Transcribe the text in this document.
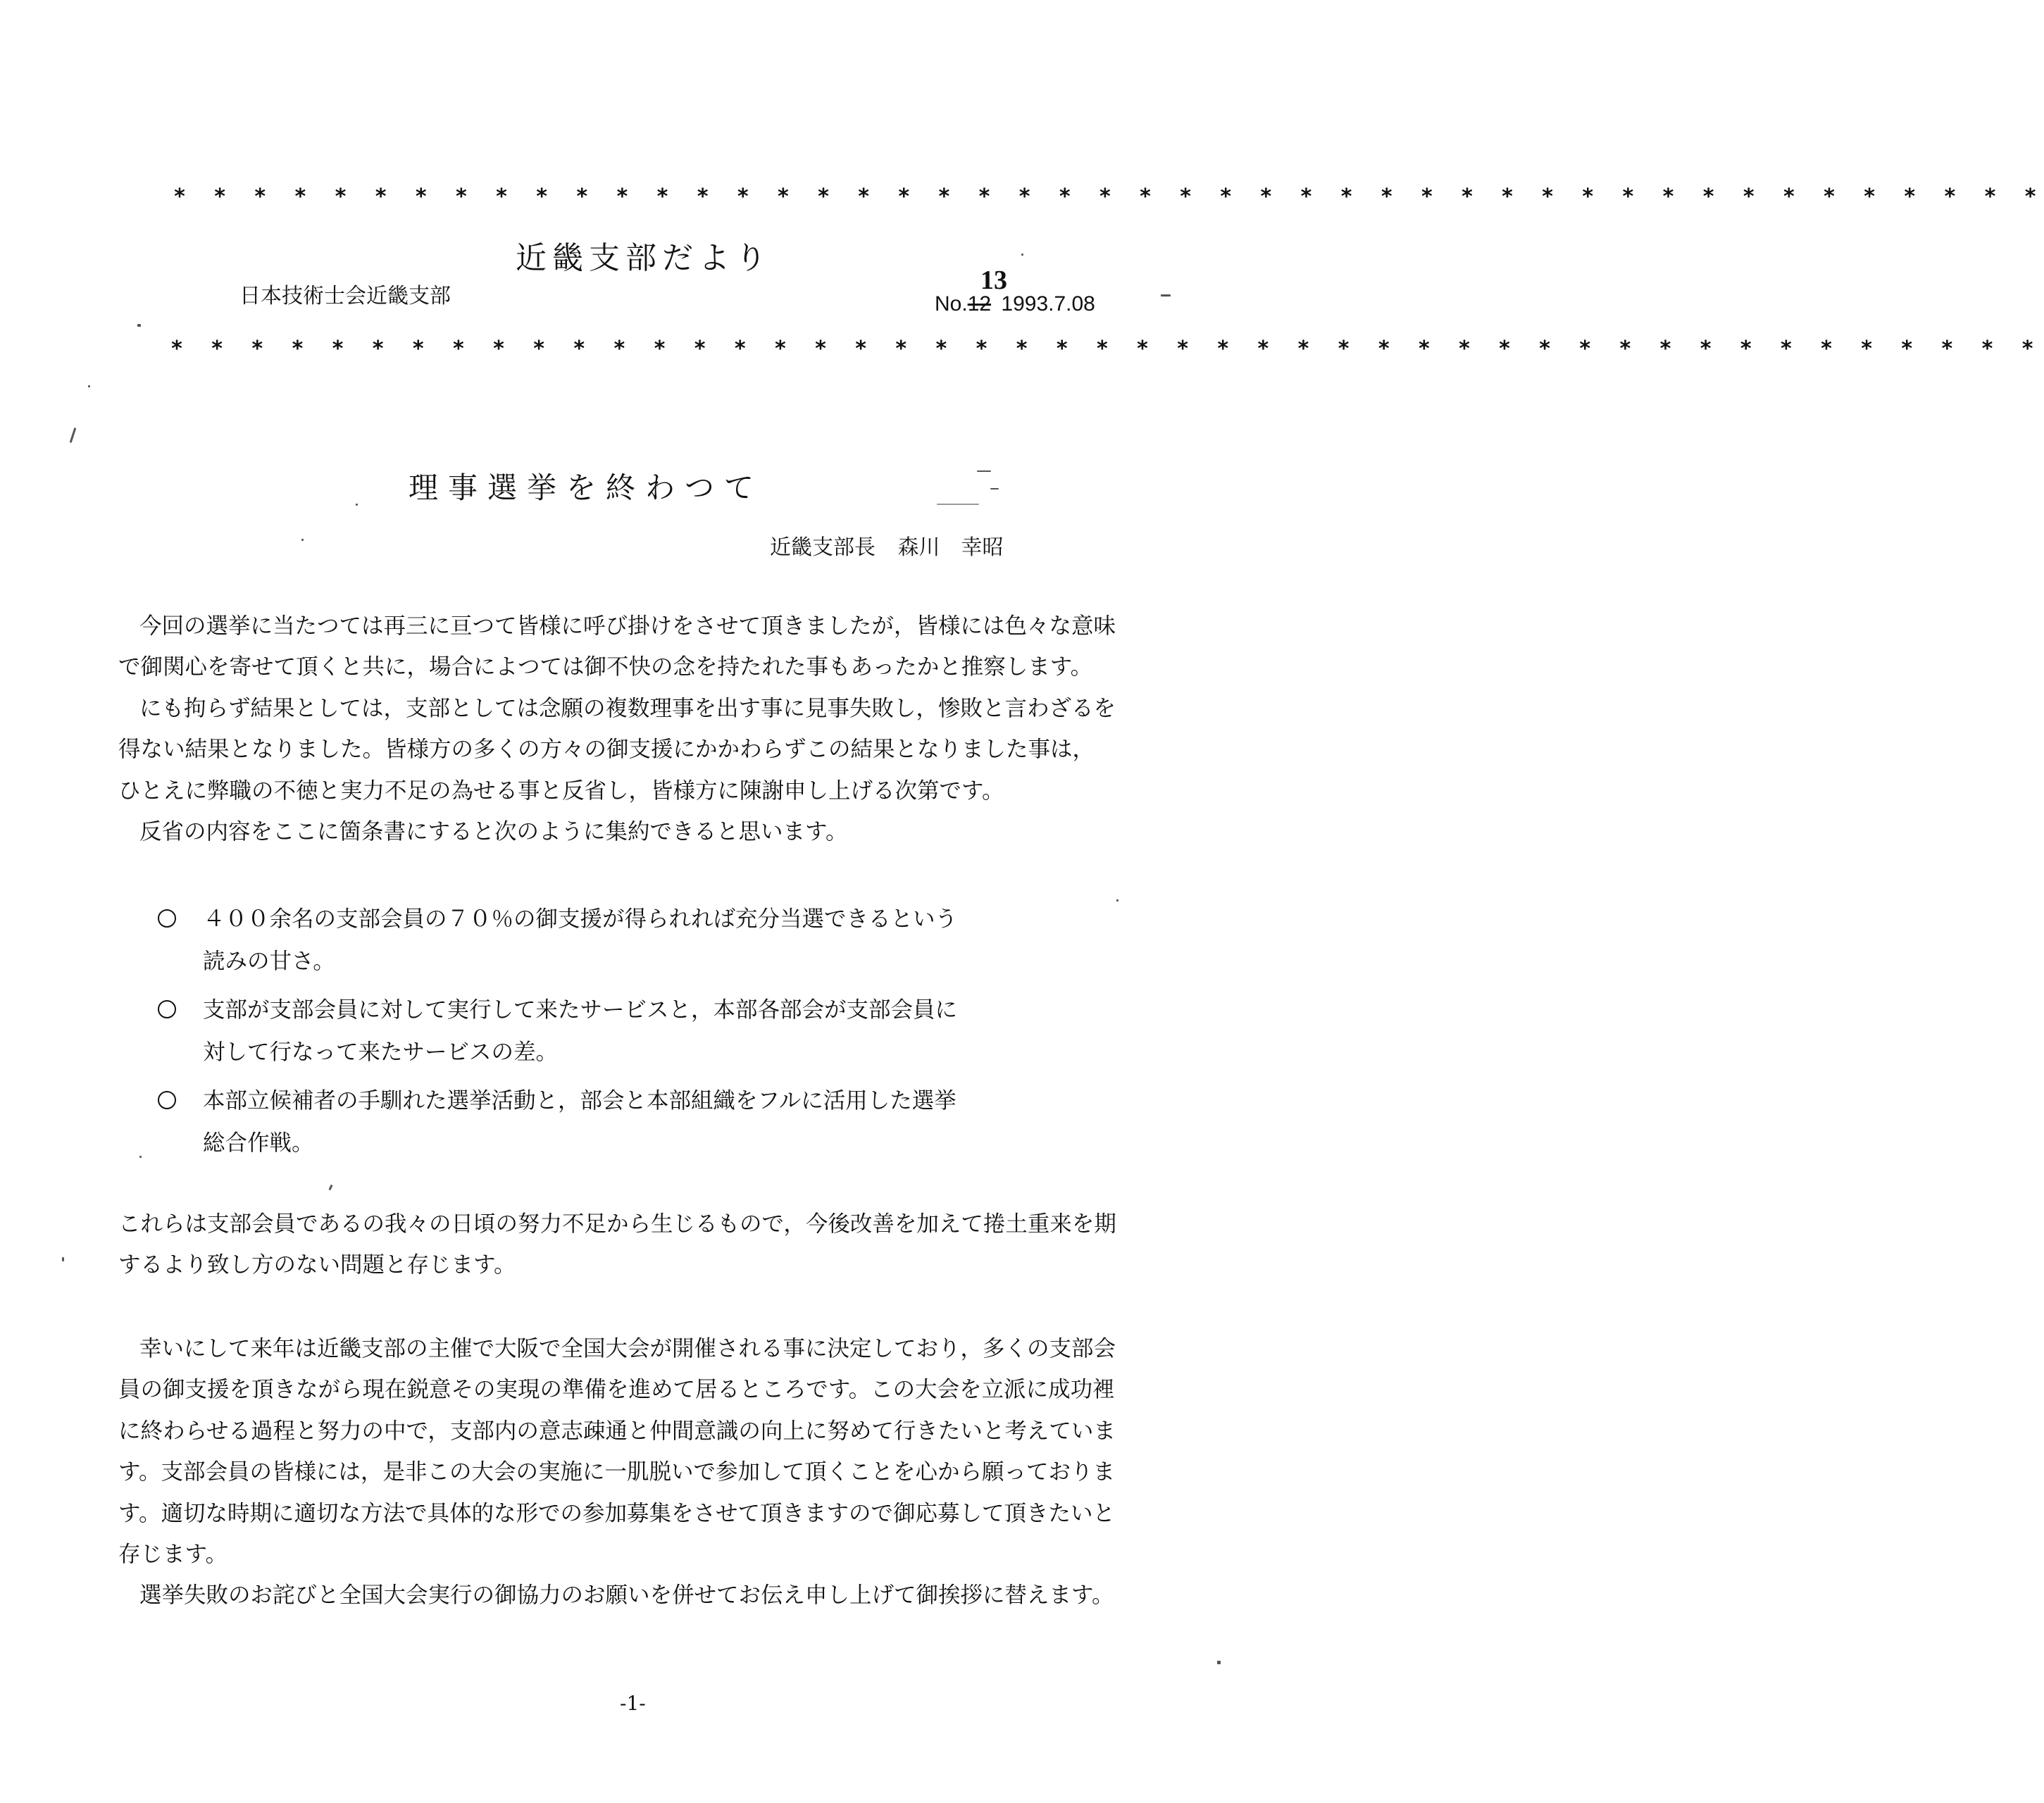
* * * * * * * * * * * * * * * * * * * * * * * * * * * * * * * * * * * * * * * * * * * * * * *
近畿支部だより
日本技術士会近畿支部
13
No.12 1993.7.08
* * * * * * * * * * * * * * * * * * * * * * * * * * * * * * * * * * * * * * * * * * * * * * *
理事選挙を終わつて
近畿支部長 森川　幸昭
今回の選挙に当たつては再三に亘つて皆様に呼び掛けをさせて頂きましたが，皆様には色々な意味
で御関心を寄せて頂くと共に，場合によつては御不快の念を持たれた事もあったかと推察します。
にも拘らず結果としては，支部としては念願の複数理事を出す事に見事失敗し，惨敗と言わざるを
得ない結果となりました。皆様方の多くの方々の御支援にかかわらずこの結果となりました事は，
ひとえに弊職の不徳と実力不足の為せる事と反省し，皆様方に陳謝申し上げる次第です。
反省の内容をここに箇条書にすると次のように集約できると思います。
４００余名の支部会員の７０％の御支援が得られれば充分当選できるという
読みの甘さ。
支部が支部会員に対して実行して来たサービスと，本部各部会が支部会員に
対して行なって来たサービスの差。
本部立候補者の手馴れた選挙活動と，部会と本部組織をフルに活用した選挙
総合作戦。
これらは支部会員であるの我々の日頃の努力不足から生じるもので，今後改善を加えて捲土重来を期
するより致し方のない問題と存じます。
幸いにして来年は近畿支部の主催で大阪で全国大会が開催される事に決定しており，多くの支部会
員の御支援を頂きながら現在鋭意その実現の準備を進めて居るところです。この大会を立派に成功裡
に終わらせる過程と努力の中で，支部内の意志疎通と仲間意識の向上に努めて行きたいと考えていま
す。支部会員の皆様には，是非この大会の実施に一肌脱いで参加して頂くことを心から願っておりま
す。適切な時期に適切な方法で具体的な形での参加募集をさせて頂きますので御応募して頂きたいと
存じます。
選挙失敗のお詫びと全国大会実行の御協力のお願いを併せてお伝え申し上げて御挨拶に替えます。
-1-
